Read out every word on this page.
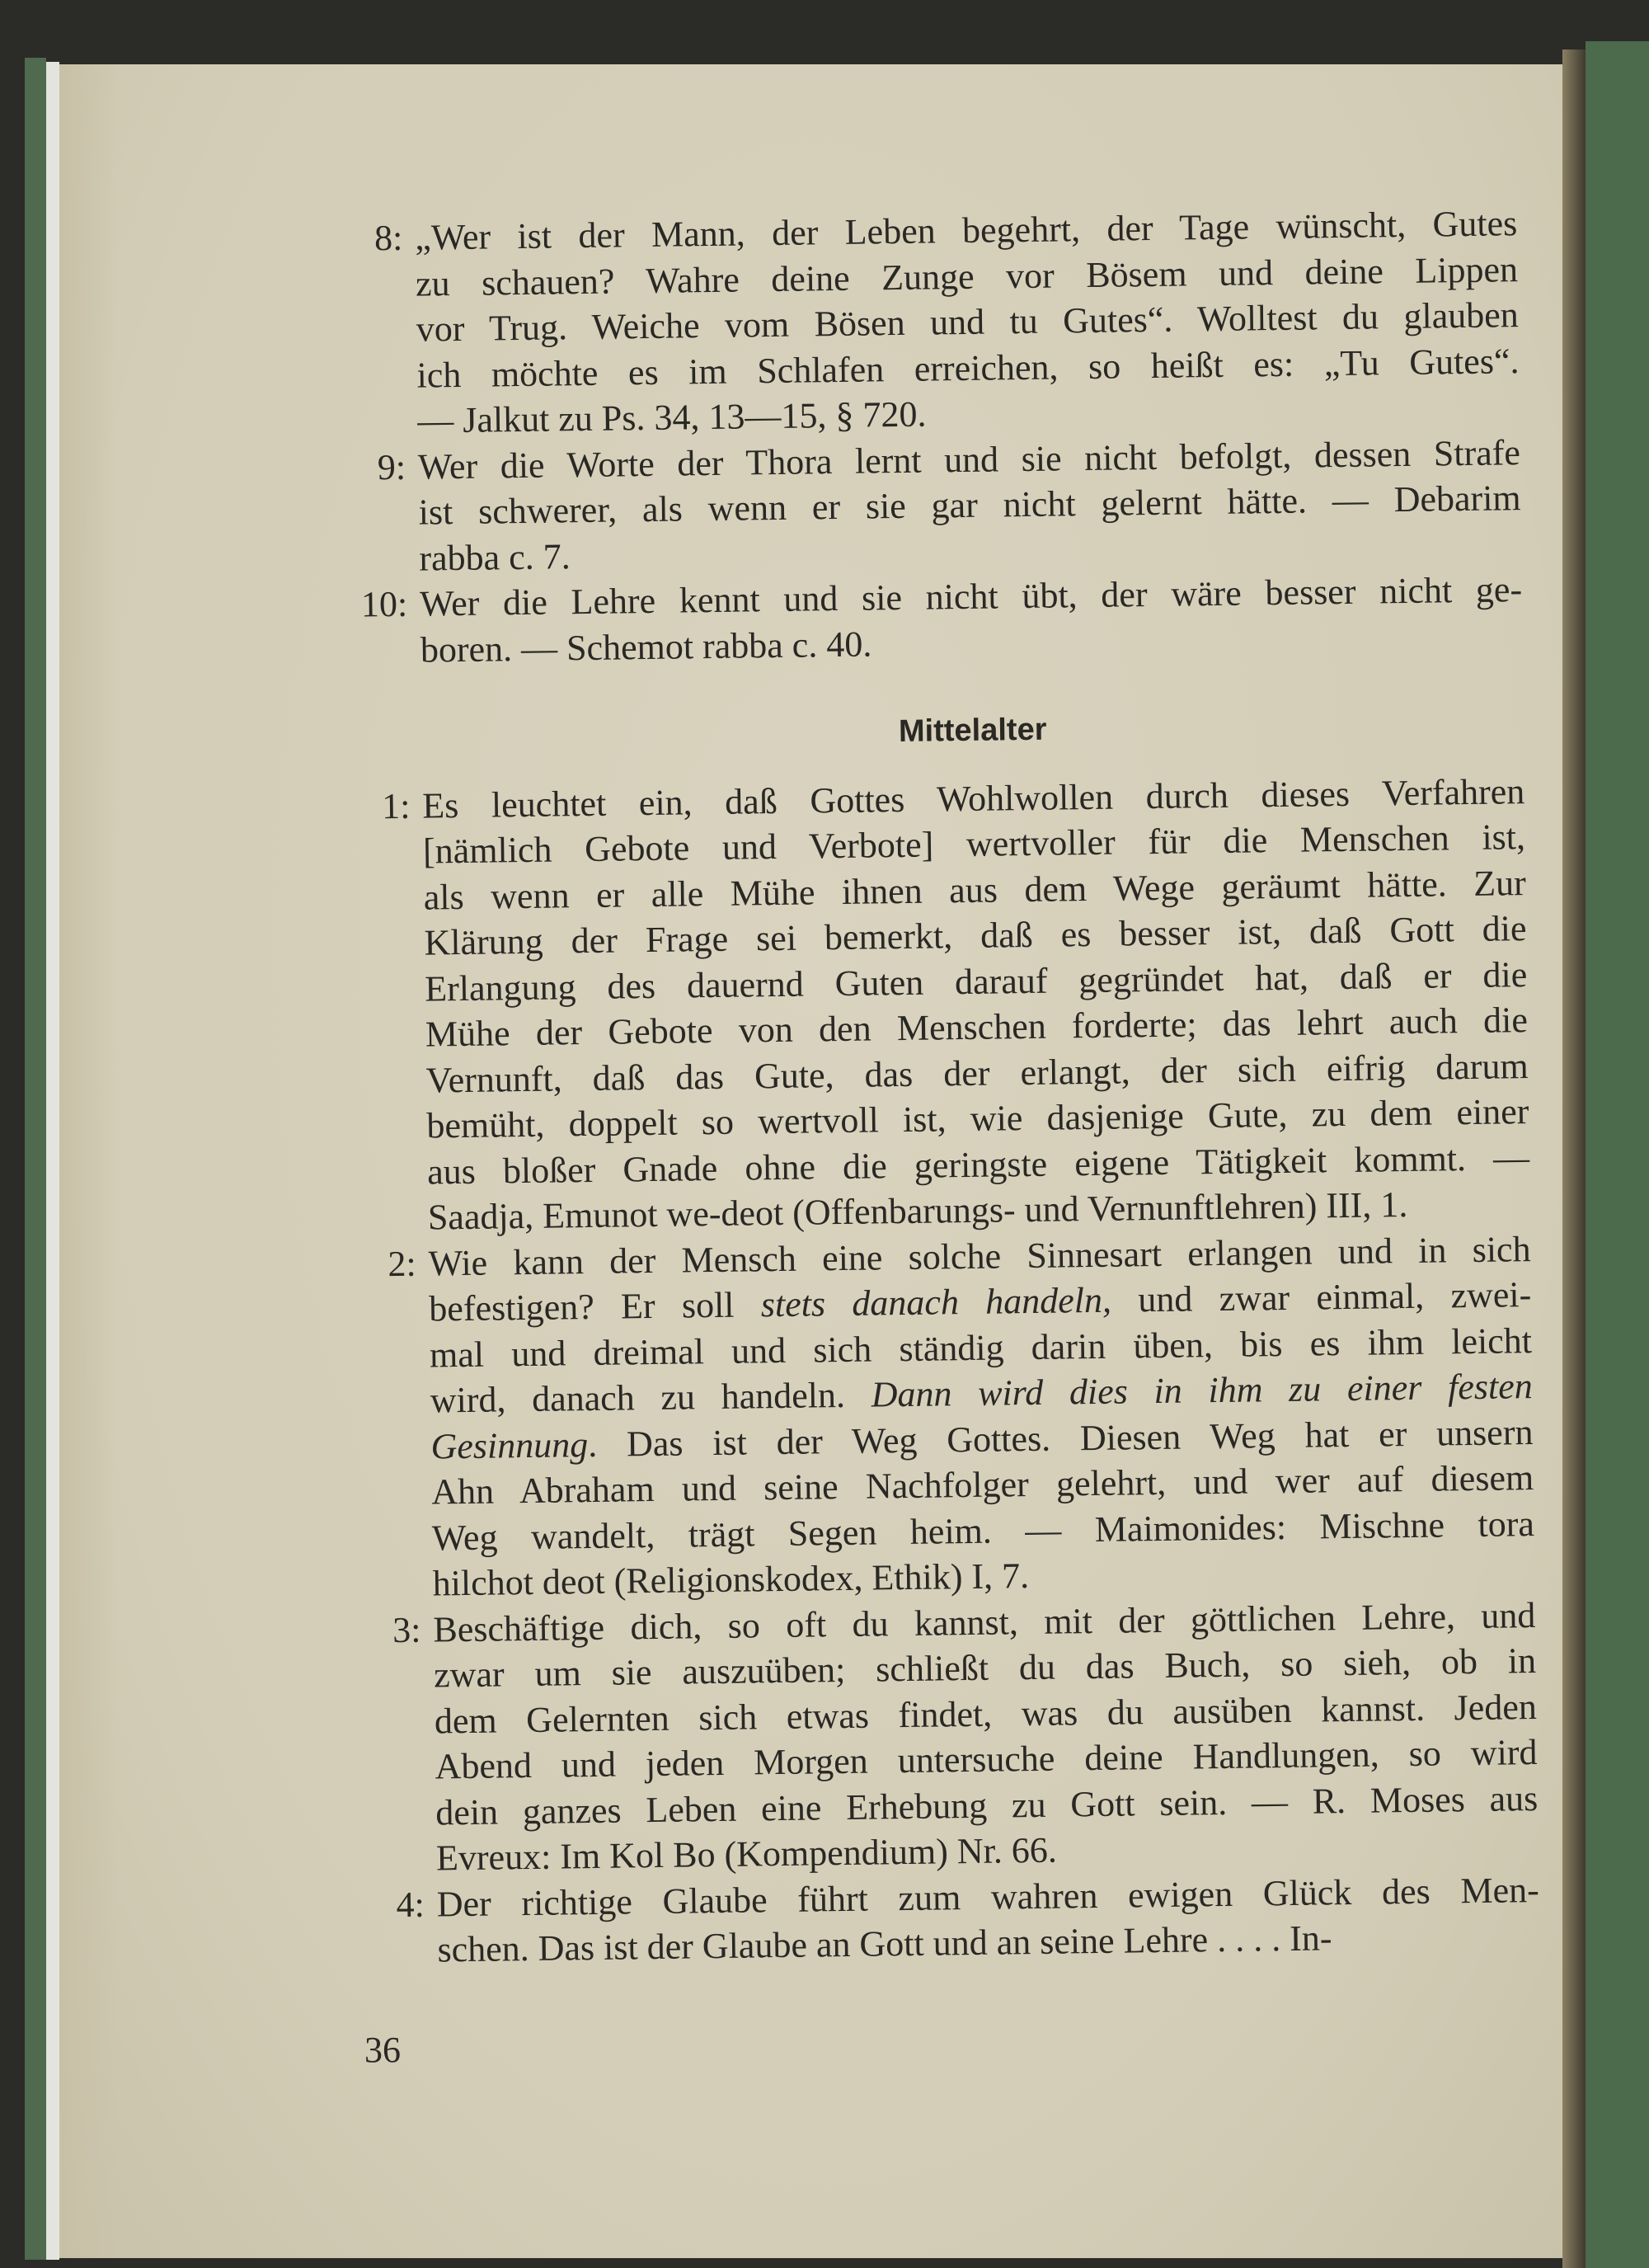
8: „Wer ist der Mann, der Leben begehrt, der Tage wünscht, Gutes
zu schauen? Wahre deine Zunge vor Bösem und deine Lippen
vor Trug. Weiche vom Bösen und tu Gutes“. Wolltest du glauben
ich möchte es im Schlafen erreichen, so heißt es: „Tu Gutes“.
— Jalkut zu Ps. 34, 13—15, § 720.
9: Wer die Worte der Thora lernt und sie nicht befolgt, dessen Strafe
ist schwerer, als wenn er sie gar nicht gelernt hätte. — Debarim
rabba c. 7.
10: Wer die Lehre kennt und sie nicht übt, der wäre besser nicht ge-
boren. — Schemot rabba c. 40.
Mittelalter
1: Es leuchtet ein, daß Gottes Wohlwollen durch dieses Verfahren
[nämlich Gebote und Verbote] wertvoller für die Menschen ist,
als wenn er alle Mühe ihnen aus dem Wege geräumt hätte. Zur
Klärung der Frage sei bemerkt, daß es besser ist, daß Gott die
Erlangung des dauernd Guten darauf gegründet hat, daß er die
Mühe der Gebote von den Menschen forderte; das lehrt auch die
Vernunft, daß das Gute, das der erlangt, der sich eifrig darum
bemüht, doppelt so wertvoll ist, wie dasjenige Gute, zu dem einer
aus bloßer Gnade ohne die geringste eigene Tätigkeit kommt. —
Saadja, Emunot we-deot (Offenbarungs- und Vernunftlehren) III, 1.
2: Wie kann der Mensch eine solche Sinnesart erlangen und in sich
befestigen? Er soll stets danach handeln, und zwar einmal, zwei-
mal und dreimal und sich ständig darin üben, bis es ihm leicht
wird, danach zu handeln. Dann wird dies in ihm zu einer festen
Gesinnung. Das ist der Weg Gottes. Diesen Weg hat er unsern
Ahn Abraham und seine Nachfolger gelehrt, und wer auf diesem
Weg wandelt, trägt Segen heim. — Maimonides: Mischne tora
hilchot deot (Religionskodex, Ethik) I, 7.
3: Beschäftige dich, so oft du kannst, mit der göttlichen Lehre, und
zwar um sie auszuüben; schließt du das Buch, so sieh, ob in
dem Gelernten sich etwas findet, was du ausüben kannst. Jeden
Abend und jeden Morgen untersuche deine Handlungen, so wird
dein ganzes Leben eine Erhebung zu Gott sein. — R. Moses aus
Evreux: Im Kol Bo (Kompendium) Nr. 66.
4: Der richtige Glaube führt zum wahren ewigen Glück des Men-
schen. Das ist der Glaube an Gott und an seine Lehre . . . . In-
36
